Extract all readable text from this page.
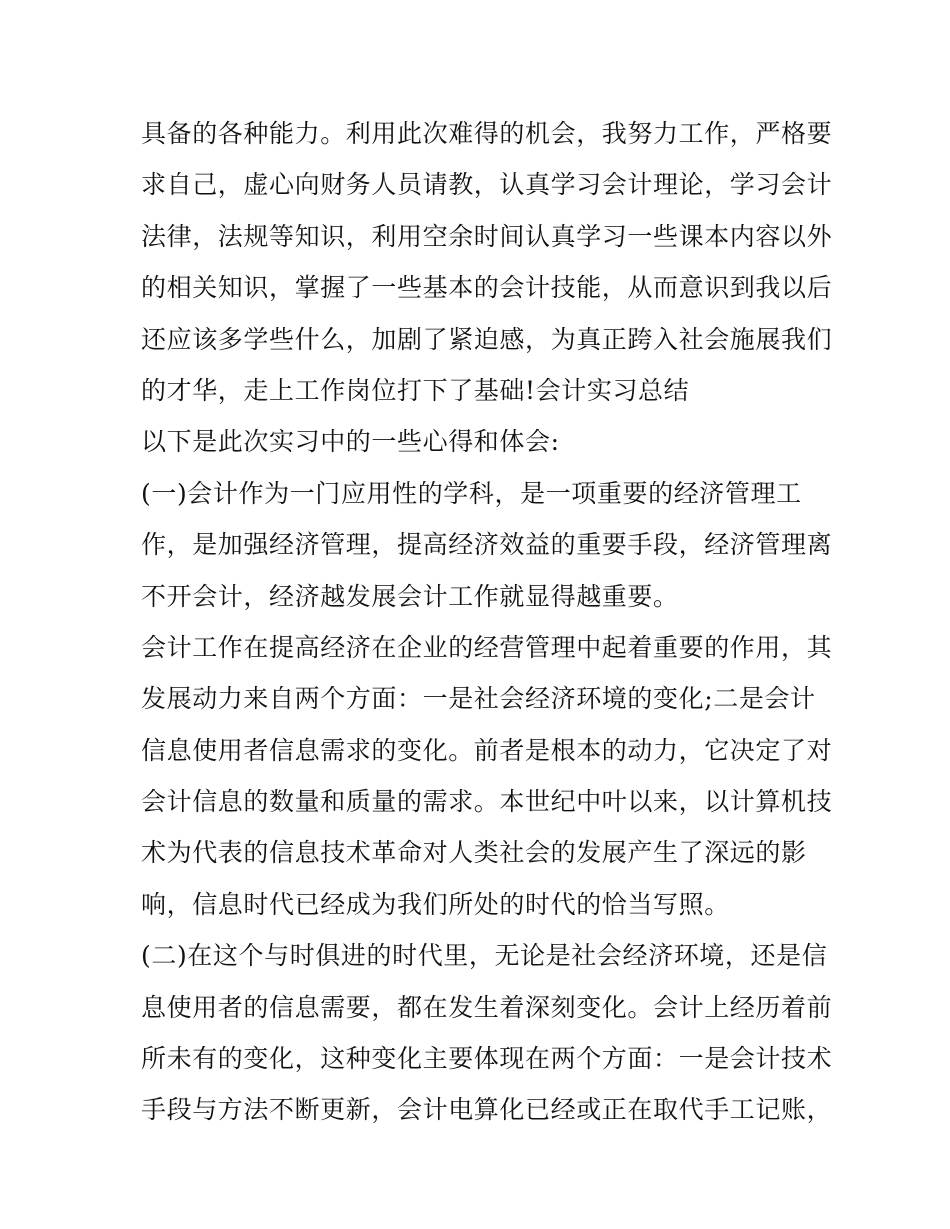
具备的各种能力。利用此次难得的机会，我努力工作，严格要
求自己，虚心向财务人员请教，认真学习会计理论，学习会计
法律，法规等知识，利用空余时间认真学习一些课本内容以外
的相关知识，掌握了一些基本的会计技能，从而意识到我以后
还应该多学些什么，加剧了紧迫感，为真正跨入社会施展我们
的才华，走上工作岗位打下了基础!会计实习总结
以下是此次实习中的一些心得和体会:
(一)会计作为一门应用性的学科，是一项重要的经济管理工
作，是加强经济管理，提高经济效益的重要手段，经济管理离
不开会计，经济越发展会计工作就显得越重要。
会计工作在提高经济在企业的经营管理中起着重要的作用，其
发展动力来自两个方面：一是社会经济环境的变化;二是会计
信息使用者信息需求的变化。前者是根本的动力，它决定了对
会计信息的数量和质量的需求。本世纪中叶以来，以计算机技
术为代表的信息技术革命对人类社会的发展产生了深远的影
响，信息时代已经成为我们所处的时代的恰当写照。
(二)在这个与时俱进的时代里，无论是社会经济环境，还是信
息使用者的信息需要，都在发生着深刻变化。会计上经历着前
所未有的变化，这种变化主要体现在两个方面：一是会计技术
手段与方法不断更新，会计电算化已经或正在取代手工记账，
